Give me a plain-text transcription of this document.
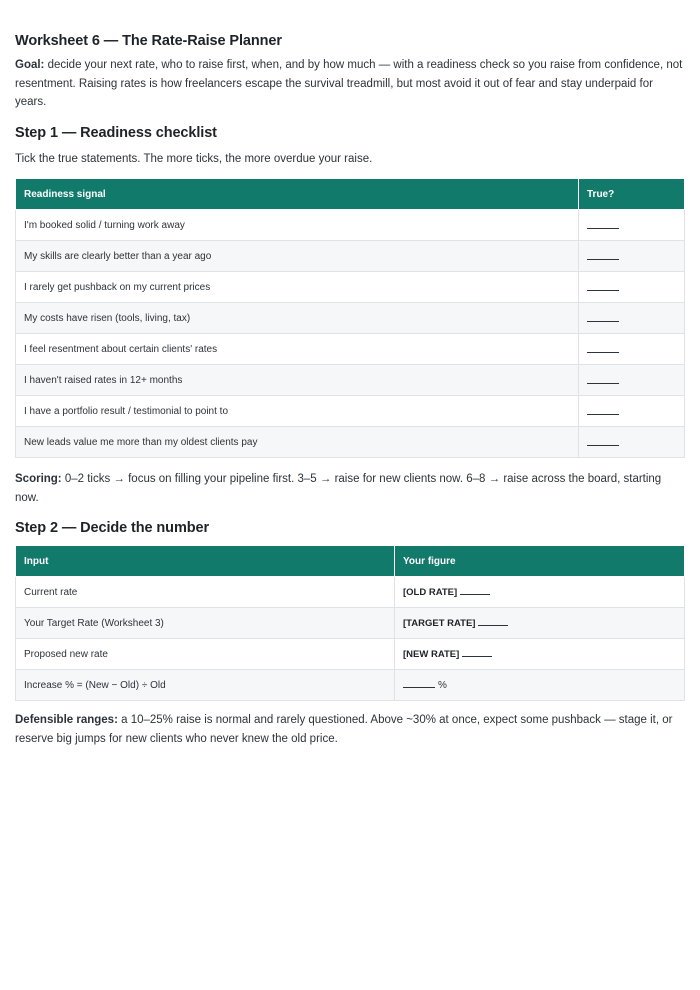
Worksheet 6 — The Rate-Raise Planner

Goal: decide your next rate, who to raise first, when, and by how much — with a readiness check so you raise from confidence, not resentment. Raising rates is how freelancers escape the survival treadmill, but most avoid it out of fear and stay underpaid for years.

Step 1 — Readiness checklist

Tick the true statements. The more ticks, the more overdue your raise.

Readiness signal	True?
I'm booked solid / turning work away	
My skills are clearly better than a year ago	
I rarely get pushback on my current prices	
My costs have risen (tools, living, tax)	
I feel resentment about certain clients' rates	
I haven't raised rates in 12+ months	
I have a portfolio result / testimonial to point to	
New leads value me more than my oldest clients pay	

Scoring: 0–2 ticks → focus on filling your pipeline first. 3–5 → raise for new clients now. 6–8 → raise across the board, starting now.

Step 2 — Decide the number
Input	Your figure
Current rate	[OLD RATE]
Your Target Rate (Worksheet 3)	[TARGET RATE]
Proposed new rate	[NEW RATE]
Increase % = (New − Old) ÷ Old	%

Defensible ranges: a 10–25% raise is normal and rarely questioned. Above ~30% at once, expect some pushback — stage it, or reserve big jumps for new clients who never knew the old price.
